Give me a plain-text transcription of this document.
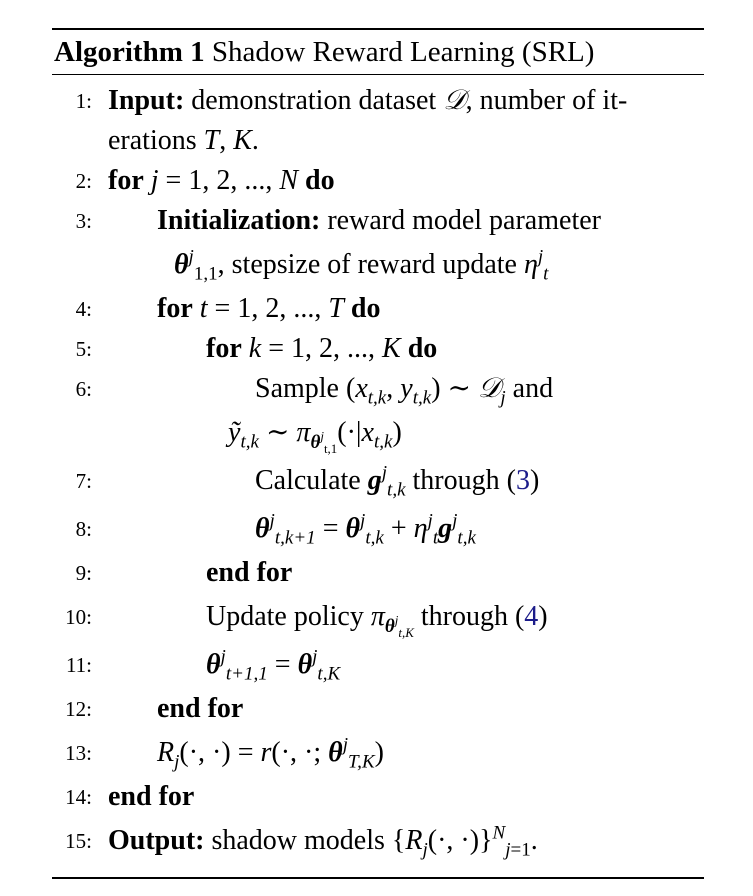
Algorithm 1 Shadow Reward Learning (SRL)
1: Input: demonstration dataset 𝒟, number of it-
erations T, K.
2: for j = 1, 2, ..., N do
3: Initialization: reward model parameter
$\theta^j_{1,1}$, stepsize of reward update $\eta^j_t$
4: for t = 1, 2, ..., T do
5:	for k = 1, 2, ..., K do
6:	Sample ($x_{t,k}$, $y_{t,k}$) ∼ 𝒟$_j$ and
ỹ$_{t,k}$ ∼ $\pi_{\theta^j_{t,1}}(\cdot|x_{t,k})$
7:	Calculate $g^j_{t,k}$ through (3)
8:	$\theta^j_{t,k+1} = \theta^j_{t,k} + \eta^j_tg^j_{t,k}$
9:	end for
10:	Update policy $\pi_{\theta^j_{t,K}}$ through (4)
11:	$\theta^j_{t+1,1} = \theta^j_{t,K}$
12: end for
13: $R_j(\cdot$, ·) = r(·, ·; $\theta^j_{T,K}$)
14: end for
15: Output: shadow models {$R_j(\cdot$, ·)}$^N_{j=1}$.
